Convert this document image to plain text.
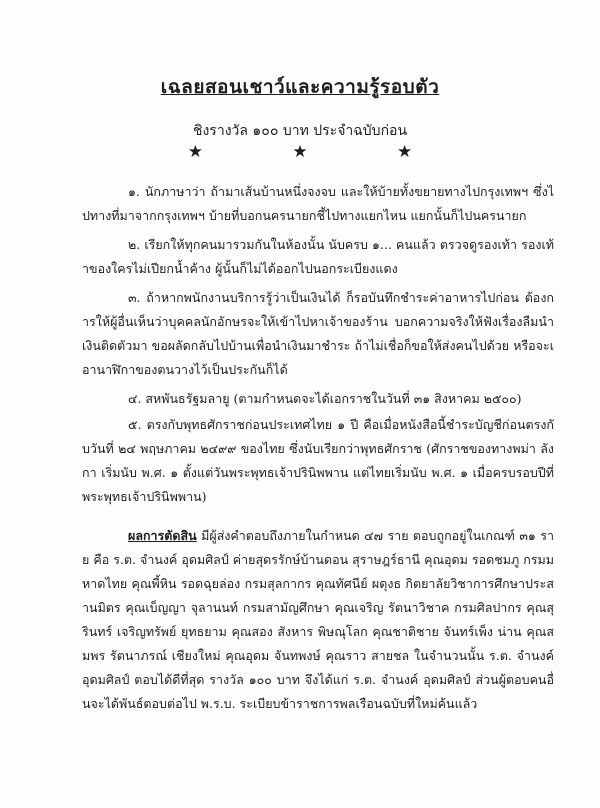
เฉลยสอนเชาว์และความรู้รอบตัว
ชิงรางวัล ๑๐๐ บาท ประจำฉบับก่อน
★ ★ ★

๑. นักภาษาว่า ถ้ามาเส้นบ้านหนึ่งจงจบ และให้บ้ายทั้งขยายทางไปกรุงเทพฯ ซึ่งไปทางที่มาจากกรุงเทพฯ บ้ายที่บอกนครนายกชี้ไปทางแยกไหน แยกนั้นก็ไปนครนายก

๒. เรียกให้ทุกคนมารวมกันในห้องนั้น นับครบ ๑... คนแล้ว ตรวจดูรองเท้า รองเท้าของใครไม่เปียกน้ำค้าง ผู้นั้นก็ไม่ได้ออกไปนอกระเบียงแดง

๓. ถ้าหากพนักงานบริการรู้ว่าเป็นเงินได้ ก็รอบันทึกชำระค่าอาหารไปก่อน ต้องการให้ผู้อื่นเห็นว่าบุคคลนักอักษรจะให้เข้าไปหาเจ้าของร้าน บอกความจริงให้ฟังเรื่องลืมนำเงินติดตัวมา ขอผลัดกลับไปบ้านเพื่อนำเงินมาชำระ ถ้าไม่เชื่อก็ขอให้ส่งคนไปด้วย หรือจะเอานาฬิกาของตนวางไว้เป็นประกันก็ได้

๔. สหพันธรัฐมลายู (ตามกำหนดจะได้เอกราชในวันที่ ๓๑ สิงหาคม ๒๕๐๐)

๕. ตรงกับพุทธศักราชก่อนประเทศไทย ๑ ปี คือเมื่อหนังสือนี้ชำระบัญชีก่อนตรงกับวันที่ ๒๔ พฤษภาคม ๒๔๙๙ ของไทย ซึ่งนับเรียกว่าพุทธศักราช (ศักราชของทางพม่า ลังกา เริ่มนับ พ.ศ. ๑ ตั้งแต่วันพระพุทธเจ้าปรินิพพาน แต่ไทยเริ่มนับ พ.ศ. ๑ เมื่อครบรอบปีที่พระพุทธเจ้าปรินิพพาน)

ผลการตัดสิน มีผู้ส่งคำตอบถึงภายในกำหนด ๔๗ ราย ตอบถูกอยู่ในเกณฑ์ ๓๑ ราย คือ ร.ต. จำนงค์ อุดมศิลป์ ค่ายสุดรรักษ์บ้านดอน สุราษฎร์ธานี คุณอุดม รอดชมภู กรมมหาดไทย คุณพี้หิน รอดฉุยล่อง กรมสุลกากร คุณทัศนีย์ ผดุงธ กิตยาลัยวิชาการศึกษาประสานมิตร คุณเบ็ญญา จุลานนท์ กรมสามัญศึกษา คุณเจริญ รัตนาวิชาค กรมศิลปากร คุณสุรินทร์ เจริญทรัพย์ ยุทธยาม คุณสอง สังหาร พิษณุโลก คุณชาติชาย จันทร์เพ็ง น่าน คุณสมพร รัตนาภรณ์ เชียงใหม่ คุณอุดม จันทพงษ์ คุณราว สายชล ในจำนวนนั้น ร.ต. จำนงค์ อุดมศิลป์ ตอบได้ดีที่สุด รางวัล ๑๐๐ บาท จึงได้แก่ ร.ต. จำนงค์ อุดมศิลป์ ส่วนผู้ตอบคนอื่นจะได้พันธ์ตอบต่อไป พ.ร.บ. ระเบียบข้าราชการพลเรือนฉบับที่ใหม่ค้นแล้ว
